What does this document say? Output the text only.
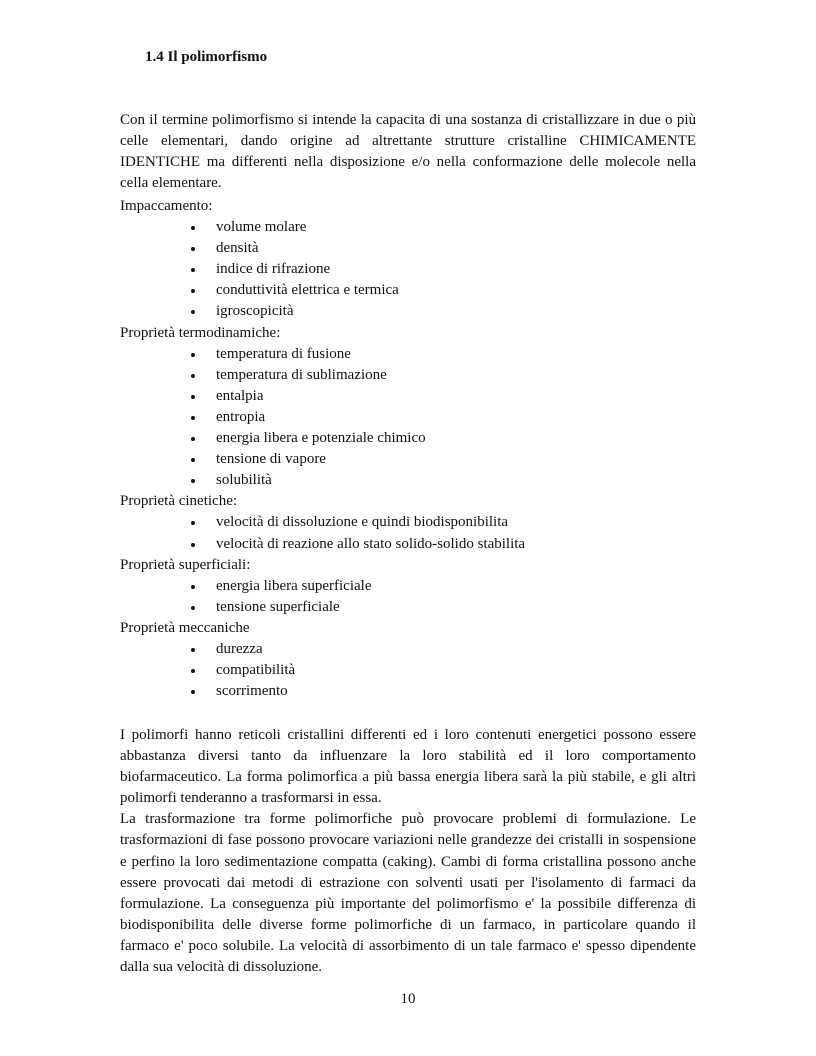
1.4 Il polimorfismo

Con il termine polimorfismo si intende la capacita di una sostanza di cristallizzare in due o più celle elementari, dando origine ad altrettante strutture cristalline CHIMICAMENTE IDENTICHE ma differenti nella disposizione e/o nella conformazione delle molecole nella cella elementare.

Impaccamento:
volume molare
densità
indice di rifrazione
conduttività elettrica e termica
igroscopicità
Proprietà termodinamiche:
temperatura di fusione
temperatura di sublimazione
entalpia
entropia
energia libera e potenziale chimico
tensione di vapore
solubilità
Proprietà cinetiche:
velocità di dissoluzione e quindi biodisponibilita
velocità di reazione allo stato solido-solido stabilita
Proprietà superficiali:
energia libera superficiale
tensione superficiale
Proprietà meccaniche
durezza
compatibilità
scorrimento
I polimorfi hanno reticoli cristallini differenti ed i loro contenuti energetici possono essere abbastanza diversi tanto da influenzare la loro stabilità ed il loro comportamento biofarmaceutico. La forma polimorfica a più bassa energia libera sarà la più stabile, e gli altri polimorfi tenderanno a trasformarsi in essa.
La trasformazione tra forme polimorfiche può provocare problemi di formulazione. Le trasformazioni di fase possono provocare variazioni nelle grandezze dei cristalli in sospensione e perfino la loro sedimentazione compatta (caking). Cambi di forma cristallina possono anche essere provocati dai metodi di estrazione con solventi usati per l'isolamento di farmaci da formulazione. La conseguenza più importante del polimorfismo e' la possibile differenza di biodisponibilita delle diverse forme polimorfiche di un farmaco, in particolare quando il farmaco e' poco solubile. La velocità di assorbimento di un tale farmaco e' spesso dipendente dalla sua velocità di dissoluzione.
10
